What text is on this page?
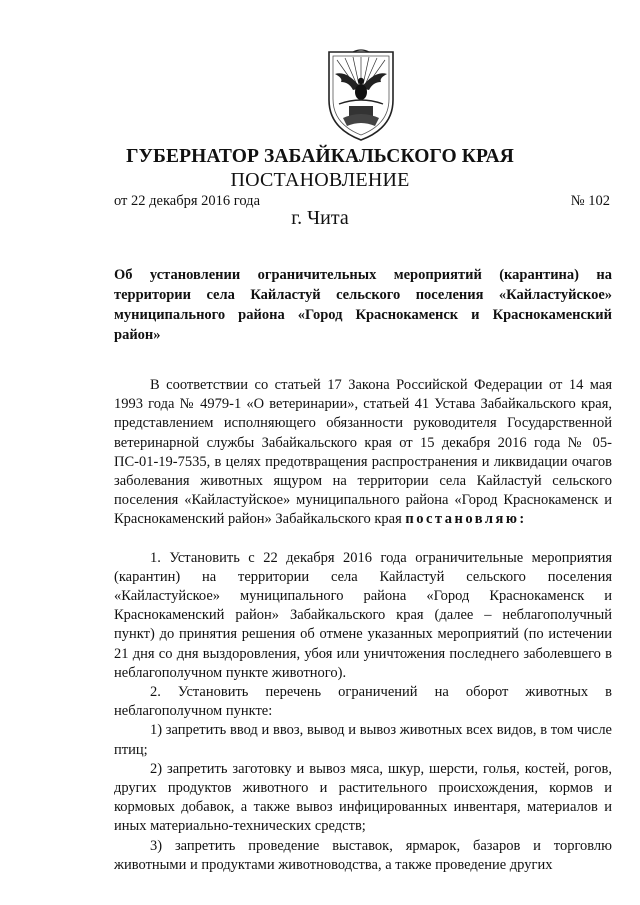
ГУБЕРНАТОР ЗАБАЙКАЛЬСКОГО КРАЯ
ПОСТАНОВЛЕНИЕ
от 22 декабря 2016 года	№ 102
г. Чита
Об установлении ограничительных мероприятий (карантина) на территории села Кайластуй сельского поселения «Кайластуйское» муниципального района «Город Краснокаменск и Краснокаменский район»

В соответствии со статьей 17 Закона Российской Федерации от 14 мая 1993 года № 4979-1 «О ветеринарии», статьей 41 Устава Забайкальского края, представлением исполняющего обязанности руководителя Государственной ветеринарной службы Забайкальского края от 15 декабря 2016 года № 05-ПС-01-19-7535, в целях предотвращения распространения и ликвидации очагов заболевания животных ящуром на территории села Кайластуй сельского поселения «Кайластуйское» муниципального района «Город Краснокаменск и Краснокаменский район» Забайкальского края постановляю:

1. Установить с 22 декабря 2016 года ограничительные мероприятия (карантин) на территории села Кайластуй сельского поселения «Кайластуйское» муниципального района «Город Краснокаменск и Краснокаменский район» Забайкальского края (далее – неблагополучный пункт) до принятия решения об отмене указанных мероприятий (по истечении 21 дня со дня выздоровления, убоя или уничтожения последнего заболевшего в неблагополучном пункте животного).

2. Установить перечень ограничений на оборот животных в неблагополучном пункте:

1) запретить ввод и ввоз, вывод и вывоз животных всех видов, в том числе птиц;

2) запретить заготовку и вывоз мяса, шкур, шерсти, голья, костей, рогов, других продуктов животного и растительного происхождения, кормов и кормовых добавок, а также вывоз инфицированных инвентаря, материалов и иных материально-технических средств;

3) запретить проведение выставок, ярмарок, базаров и торговлю животными и продуктами животноводства, а также проведение других
